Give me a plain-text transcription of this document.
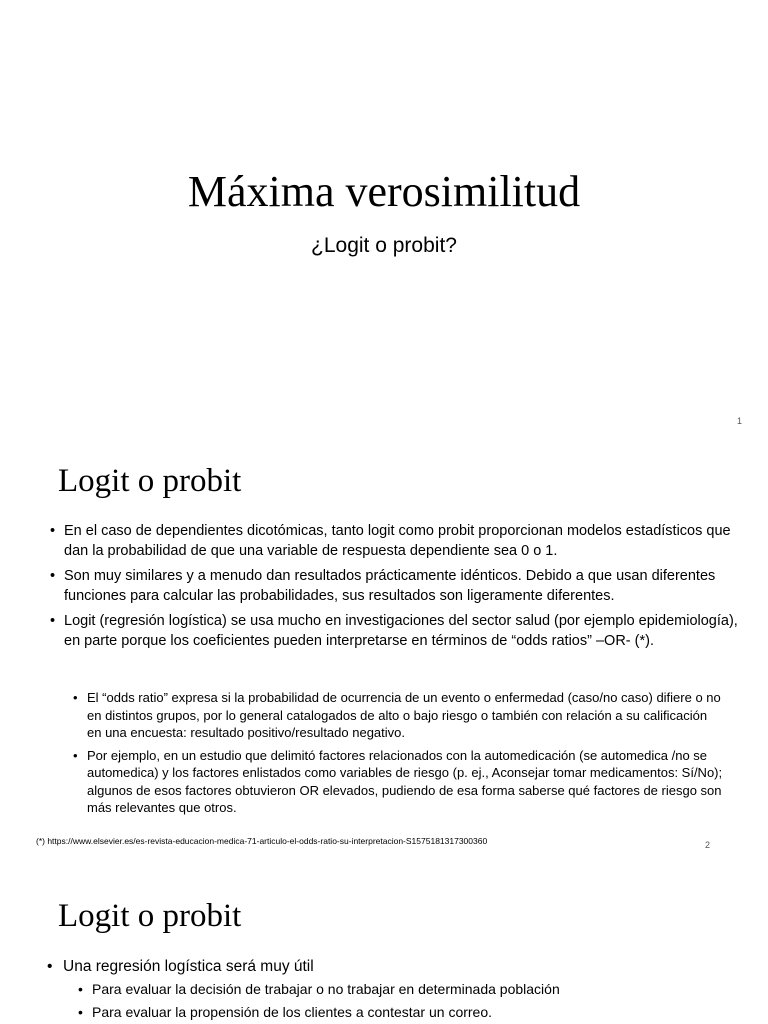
Máxima verosimilitud
¿Logit o probit?
1
Logit o probit
• En el caso de dependientes dicotómicas, tanto logit como probit proporcionan modelos estadísticos que dan la probabilidad de que una variable de respuesta dependiente sea 0 o 1.
• Son muy similares y a menudo dan resultados prácticamente idénticos. Debido a que usan diferentes funciones para calcular las probabilidades, sus resultados son ligeramente diferentes.
• Logit (regresión logística) se usa mucho en investigaciones del sector salud (por ejemplo epidemiología), en parte porque los coeficientes pueden interpretarse en términos de “odds ratios” –OR- (*).
• El “odds ratio” expresa si la probabilidad de ocurrencia de un evento o enfermedad (caso/no caso) difiere o no en distintos grupos, por lo general catalogados de alto o bajo riesgo o también con relación a su calificación en una encuesta: resultado positivo/resultado negativo.
• Por ejemplo, en un estudio que delimitó factores relacionados con la automedicación (se automedica /no se automedica) y los factores enlistados como variables de riesgo (p. ej., Aconsejar tomar medicamentos: Sí/No); algunos de esos factores obtuvieron OR elevados, pudiendo de esa forma saberse qué factores de riesgo son más relevantes que otros.
(*) https://www.elsevier.es/es-revista-educacion-medica-71-articulo-el-odds-ratio-su-interpretacion-S1575181317300360	2
Logit o probit
• Una regresión logística será muy útil
• Para evaluar la decisión de trabajar o no trabajar en determinada población
• Para evaluar la propensión de los clientes a contestar un correo.
